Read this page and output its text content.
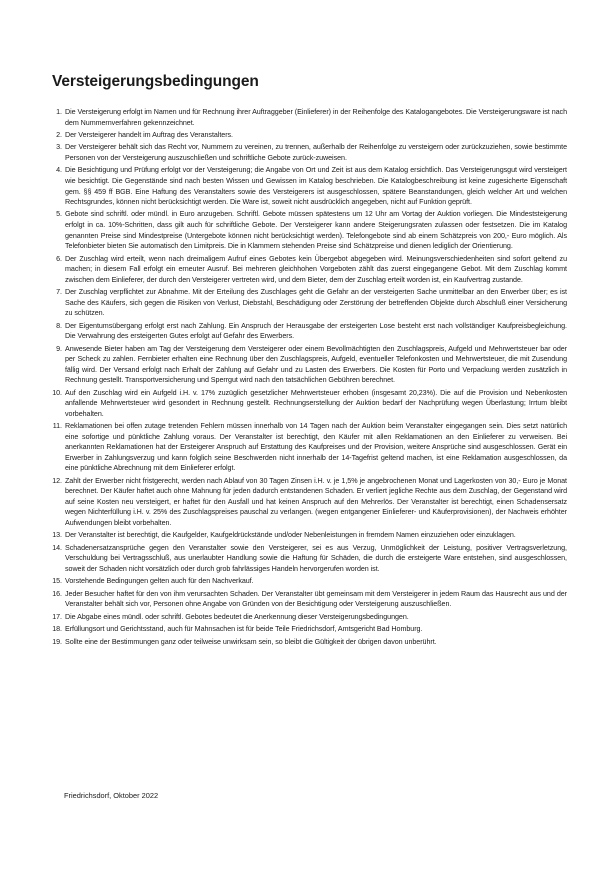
Versteigerungsbedingungen
1. Die Versteigerung erfolgt im Namen und für Rechnung ihrer Auftraggeber (Einlieferer) in der Reihenfolge des Katalogangebotes. Die Versteigerungsware ist nach dem Nummernverfahren gekennzeichnet.
2. Der Versteigerer handelt im Auftrag des Veranstalters.
3. Der Versteigerer behält sich das Recht vor, Nummern zu vereinen, zu trennen, außerhalb der Reihenfolge zu versteigern oder zurückzuziehen, sowie bestimmte Personen von der Versteigerung auszuschließen und schriftliche Gebote zurück-zuweisen.
4. Die Besichtigung und Prüfung erfolgt vor der Versteigerung; die Angabe von Ort und Zeit ist aus dem Katalog ersichtlich. Das Versteigerungsgut wird versteigert wie besichtigt. Die Gegenstände sind nach besten Wissen und Gewissen im Katalog beschrieben. Die Katalogbeschreibung ist keine zugesicherte Eigenschaft gem. §§ 459 ff BGB. Eine Haftung des Veranstalters sowie des Versteigerers ist ausgeschlossen, spätere Beanstandungen, gleich welcher Art und welchen Rechtsgrundes, können nicht berücksichtigt werden. Die Ware ist, soweit nicht ausdrücklich angegeben, nicht auf Funktion geprüft.
5. Gebote sind schriftl. oder mündl. in Euro anzugeben. Schriftl. Gebote müssen spätestens um 12 Uhr am Vortag der Auktion vorliegen. Die Mindeststeigerung erfolgt in ca. 10%-Schritten, dass gilt auch für schriftliche Gebote. Der Versteigerer kann andere Steigerungsraten zulassen oder festsetzen. Die im Katalog genannten Preise sind Mindestpreise (Untergebote können nicht berücksichtigt werden). Telefongebote sind ab einem Schätzpreis von 200,- Euro möglich. Als Telefonbieter bieten Sie automatisch den Limitpreis. Die in Klammern stehenden Preise sind Schätzpreise und dienen lediglich der Orientierung.
6. Der Zuschlag wird erteilt, wenn nach dreimaligem Aufruf eines Gebotes kein Übergebot abgegeben wird. Meinungsverschiedenheiten sind sofort geltend zu machen; in diesem Fall erfolgt ein erneuter Ausruf. Bei mehreren gleichhohen Vorgeboten zählt das zuerst eingegangene Gebot. Mit dem Zuschlag kommt zwischen dem Einlieferer, der durch den Versteigerer vertreten wird, und dem Bieter, dem der Zuschlag erteilt worden ist, ein Kaufvertrag zustande.
7. Der Zuschlag verpflichtet zur Abnahme. Mit der Erteilung des Zuschlages geht die Gefahr an der versteigerten Sache unmittelbar an den Erwerber über; es ist Sache des Käufers, sich gegen die Risiken von Verlust, Diebstahl, Beschädigung oder Zerstörung der betreffenden Objekte durch Abschluß einer Versicherung zu schützen.
8. Der Eigentumsübergang erfolgt erst nach Zahlung. Ein Anspruch der Herausgabe der ersteigerten Lose besteht erst nach vollständiger Kaufpreisbegleichung. Die Verwahrung des ersteigerten Gutes erfolgt auf Gefahr des Erwerbers.
9. Anwesende Bieter haben am Tag der Versteigerung dem Versteigerer oder einem Bevollmächtigten den Zuschlagspreis, Aufgeld und Mehrwertsteuer bar oder per Scheck zu zahlen. Fernbieter erhalten eine Rechnung über den Zuschlagspreis, Aufgeld, eventueller Telefonkosten und Mehrwertsteuer, die mit Zusendung fällig wird. Der Versand erfolgt nach Erhalt der Zahlung auf Gefahr und zu Lasten des Erwerbers. Die Kosten für Porto und Verpackung werden zusätzlich in Rechnung gestellt. Transportversicherung und Sperrgut wird nach den tatsächlichen Gebühren berechnet.
10. Auf den Zuschlag wird ein Aufgeld i.H. v. 17% zuzüglich gesetzlicher Mehrwertsteuer erhoben (insgesamt 20,23%). Die auf die Provision und Nebenkosten anfallende Mehrwertsteuer wird gesondert in Rechnung gestellt. Rechnungserstellung der Auktion bedarf der Nachprüfung wegen Überlastung; Irrtum bleibt vorbehalten.
11. Reklamationen bei offen zutage tretenden Fehlern müssen innerhalb von 14 Tagen nach der Auktion beim Veranstalter eingegangen sein. Dies setzt natürlich eine sofortige und pünktliche Zahlung voraus. Der Veranstalter ist berechtigt, den Käufer mit allen Reklamationen an den Einlieferer zu verweisen. Bei anerkannten Reklamationen hat der Ersteigerer Anspruch auf Erstattung des Kaufpreises und der Provision, weitere Ansprüche sind ausgeschlossen. Gerät ein Erwerber in Zahlungsverzug und kann folglich seine Beschwerden nicht innerhalb der 14-Tagefrist geltend machen, ist eine Reklamation ausgeschlossen, da eine pünktliche Abrechnung mit dem Einlieferer erfolgt.
12. Zahlt der Erwerber nicht fristgerecht, werden nach Ablauf von 30 Tagen Zinsen i.H. v. je 1,5% je angebrochenen Monat und Lagerkosten von 30,- Euro je Monat berechnet. Der Käufer haftet auch ohne Mahnung für jeden dadurch entstandenen Schaden. Er verliert jegliche Rechte aus dem Zuschlag, der Gegenstand wird auf seine Kosten neu versteigert, er haftet für den Ausfall und hat keinen Anspruch auf den Mehrerlös. Der Veranstalter ist berechtigt, einen Schadensersatz wegen Nichterfüllung i.H. v. 25% des Zuschlagspreises pauschal zu verlangen. (wegen entgangener Einlieferer- und Käuferprovisionen), der Nachweis erhöhter Aufwendungen bleibt vorbehalten.
13. Der Veranstalter ist berechtigt, die Kaufgelder, Kaufgeldrückstände und/oder Nebenleistungen in fremdem Namen einzuziehen oder einzuklagen.
14. Schadenersatzansprüche gegen den Veranstalter sowie den Versteigerer, sei es aus Verzug, Unmöglichkeit der Leistung, positiver Vertragsverletzung, Verschuldung bei Vertragsschluß, aus unerlaubter Handlung sowie die Haftung für Schäden, die durch die ersteigerte Ware entstehen, sind ausgeschlossen, soweit der Schaden nicht vorsätzlich oder durch grob fahrlässiges Handeln hervorgerufen worden ist.
15. Vorstehende Bedingungen gelten auch für den Nachverkauf.
16. Jeder Besucher haftet für den von ihm verursachten Schaden. Der Veranstalter übt gemeinsam mit dem Versteigerer in jedem Raum das Hausrecht aus und der Veranstalter behält sich vor, Personen ohne Angabe von Gründen von der Besichtigung oder Versteigerung auszuschließen.
17. Die Abgabe eines mündl. oder schriftl. Gebotes bedeutet die Anerkennung dieser Versteigerungsbedingungen.
18. Erfüllungsort und Gerichtsstand, auch für Mahnsachen ist für beide Teile Friedrichsdorf, Amtsgericht Bad Homburg.
19. Sollte eine der Bestimmungen ganz oder teilweise unwirksam sein, so bleibt die Gültigkeit der übrigen davon unberührt.

Friedrichsdorf, Oktober 2022
